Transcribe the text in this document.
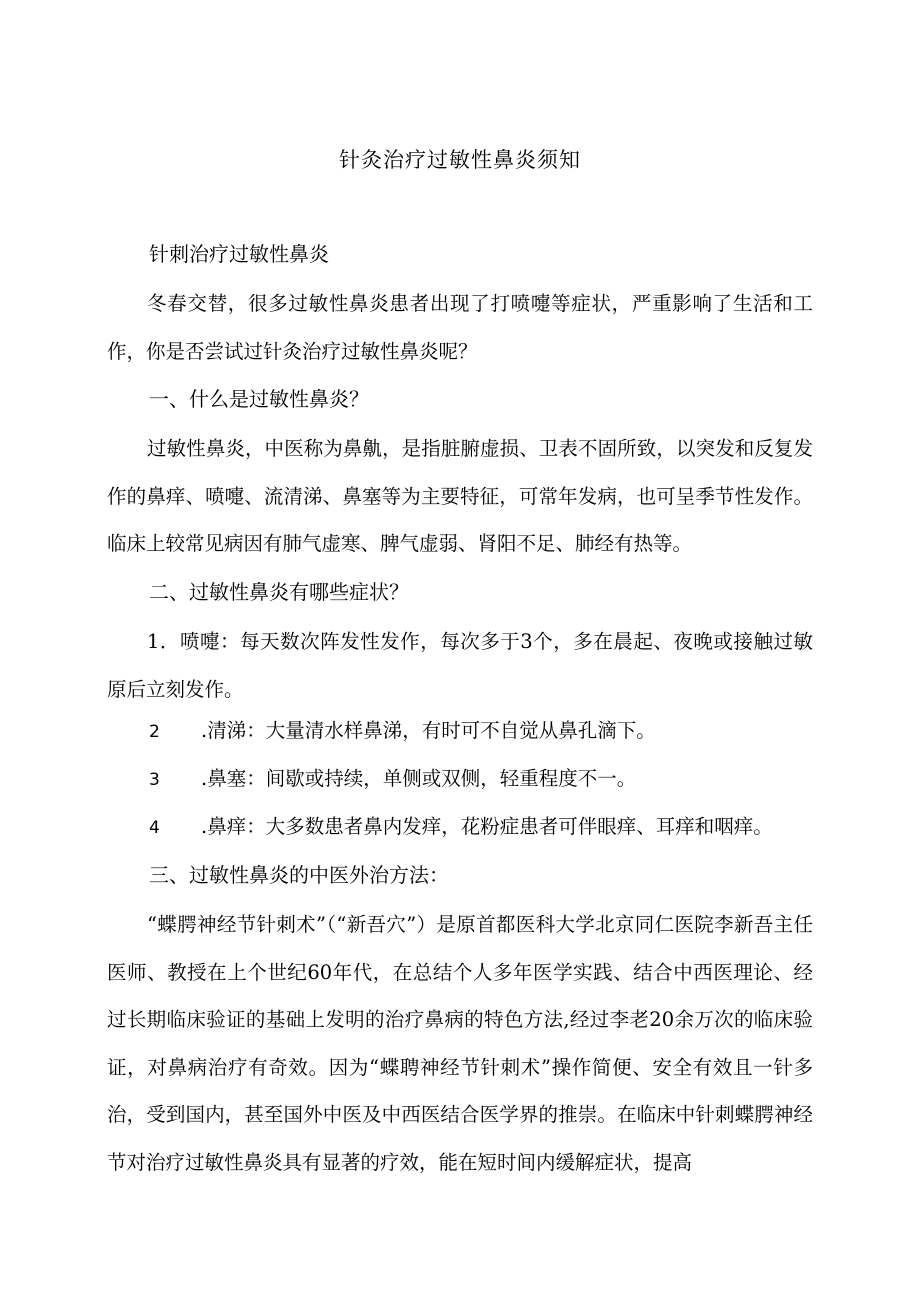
针灸治疗过敏性鼻炎须知
针刺治疗过敏性鼻炎

冬春交替，很多过敏性鼻炎患者出现了打喷嚏等症状，严重影响了生活和工作，你是否尝试过针灸治疗过敏性鼻炎呢？

一、什么是过敏性鼻炎？

过敏性鼻炎，中医称为鼻鼽，是指脏腑虚损、卫表不固所致，以突发和反复发作的鼻痒、喷嚏、流清涕、鼻塞等为主要特征，可常年发病，也可呈季节性发作。临床上较常见病因有肺气虚寒、脾气虚弱、肾阳不足、肺经有热等。

二、过敏性鼻炎有哪些症状？

1．喷嚏：每天数次阵发性发作，每次多于3个，多在晨起、夜晚或接触过敏原后立刻发作。

2 .清涕：大量清水样鼻涕，有时可不自觉从鼻孔滴下。
3 .鼻塞：间歇或持续，单侧或双侧，轻重程度不一。
4 .鼻痒：大多数患者鼻内发痒，花粉症患者可伴眼痒、耳痒和咽痒。
三、过敏性鼻炎的中医外治方法：

“蝶腭神经节针刺术”（“新吾穴”）是原首都医科大学北京同仁医院李新吾主任医师、教授在上个世纪60年代，在总结个人多年医学实践、结合中西医理论、经过长期临床验证的基础上发明的治疗鼻病的特色方法,经过李老20余万次的临床验证，对鼻病治疗有奇效。因为“蝶聘神经节针刺术”操作简便、安全有效且一针多治，受到国内，甚至国外中医及中西医结合医学界的推崇。在临床中针刺蝶腭神经节对治疗过敏性鼻炎具有显著的疗效，能在短时间内缓解症状，提高
